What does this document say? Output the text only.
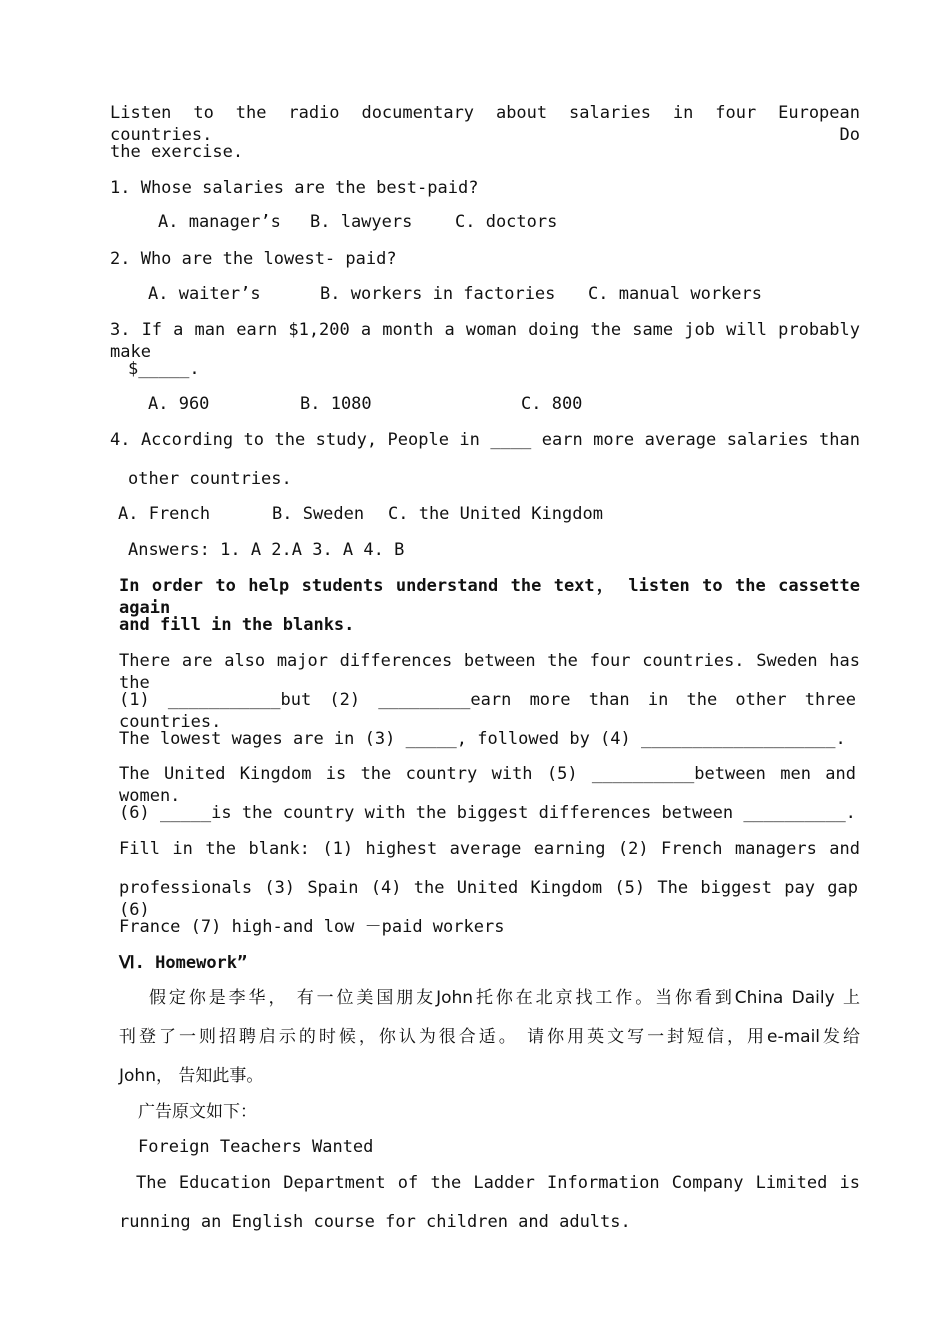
Listen to the radio documentary about salaries in four European countries. Do
the exercise.
1. Whose salaries are the best-paid?
A. manager’s B. lawyers	C. doctors
2. Who are the lowest- paid?
A. waiter’s	B. workers in factories C. manual workers
3. If a man earn $1,200 a month a woman doing the same job will probably make
$_____.
A. 960	B. 1080	C. 800
4. According to the study, People in ____ earn more average salaries than
other countries.
A. French	B. Sweden C. the United Kingdom
Answers: 1. A 2.A 3. A 4. B
In order to help students understand the text， listen to the cassette again
and fill in the blanks.
There are also major differences between the four countries. Sweden has the
(1) ___________but (2) _________earn more than in the other three countries.
The lowest wages are in (3) _____, followed by (4) ___________________.
The United Kingdom is the country with (5) __________between men and women.
(6) _____is the country with the biggest differences between __________.
Fill in the blank: (1) highest average earning (2) French managers and
professionals (3) Spain (4) the United Kingdom (5) The biggest pay gap (6)
France (7) high-and low －paid workers
Ⅵ. Homework”
假定你是李华， 有一位美国朋友John托你在北京找工作。当你看到China Daily 上
刊登了一则招聘启示的时候，你认为很合适。 请你用英文写一封短信，用e-mail发给
John， 告知此事。
广告原文如下：
Foreign Teachers Wanted
The Education Department of the Ladder Information Company Limited is
running an English course for children and adults.
